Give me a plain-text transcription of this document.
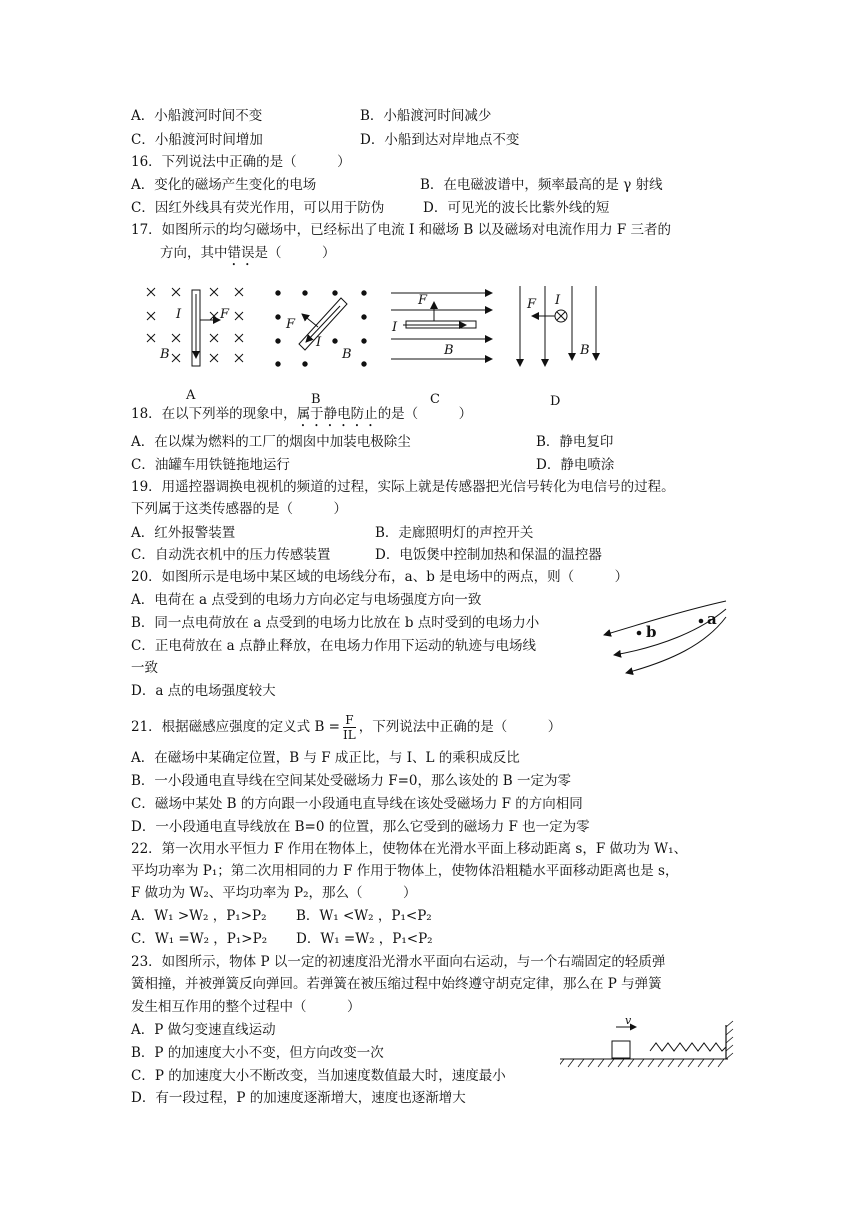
A．小船渡河时间不变	B．小船渡河时间减少
C．小船渡河时间增加	D．小船到达对岸地点不变
16．下列说法中正确的是（　　　）
A．变化的磁场产生变化的电场	B．在电磁波谱中，频率最高的是 γ 射线
C．因红外线具有荧光作用，可以用于防伪	D．可见光的波长比紫外线的短
17．如图所示的均匀磁场中，已经标出了电流 I 和磁场 B 以及磁场对电流作用力 F 三者的
方向，其中错误是（　　　）
I	F
B
F
I
B
F
I
B
F I
B
A	B	C	D
18．在以下列举的现象中，属于静电防止的是（　　　）
A．在以煤为燃料的工厂的烟囱中加装电极除尘	B．静电复印
C．油罐车用铁链拖地运行	D．静电喷涂
19．用遥控器调换电视机的频道的过程，实际上就是传感器把光信号转化为电信号的过程。
下列属于这类传感器的是（　　　）
A．红外报警装置	B．走廊照明灯的声控开关
C．自动洗衣机中的压力传感装置	D．电饭煲中控制加热和保温的温控器
20．如图所示是电场中某区域的电场线分布，a、b 是电场中的两点，则（　　　）
A．电荷在 a 点受到的电场力方向必定与电场强度方向一致
B．同一点电荷放在 a 点受到的电场力比放在 b 点时受到的电场力小
C．正电荷放在 a 点静止释放，在电场力作用下运动的轨迹与电场线
一致
D．a 点的电场强度较大
b
a
21．根据磁感应强度的定义式 $B = \frac{F}{IL}$ ，下列说法中正确的是（　　　）
A．在磁场中某确定位置，B 与 F 成正比，与 I、L 的乘积成反比
B．一小段通电直导线在空间某处受磁场力 F=0，那么该处的 B 一定为零
C．磁场中某处 B 的方向跟一小段通电直导线在该处受磁场力 F 的方向相同
D．一小段通电直导线放在 B=0 的位置，那么它受到的磁场力 F 也一定为零
22．第一次用水平恒力 F 作用在物体上，使物体在光滑水平面上移动距离 s，F 做功为 W₁、
平均功率为 P₁；第二次用相同的力 F 作用于物体上，使物体沿粗糙水平面移动距离也是 s，
F 做功为 W₂、平均功率为 P₂，那么（　　　）
A．W₁ >W₂ ，P₁>P₂ B．W₁ <W₂ ，P₁<P₂
C．W₁ =W₂ ，P₁>P₂ D．W₁ =W₂ ，P₁<P₂
23．如图所示，物体 P 以一定的初速度沿光滑水平面向右运动，与一个右端固定的轻质弹
簧相撞，并被弹簧反向弹回。若弹簧在被压缩过程中始终遵守胡克定律，那么在 P 与弹簧
发生相互作用的整个过程中（　　　）
A．P 做匀变速直线运动
B．P 的加速度大小不变，但方向改变一次
C．P 的加速度大小不断改变，当加速度数值最大时，速度最小
D．有一段过程，P 的加速度逐渐增大，速度也逐渐增大
v
